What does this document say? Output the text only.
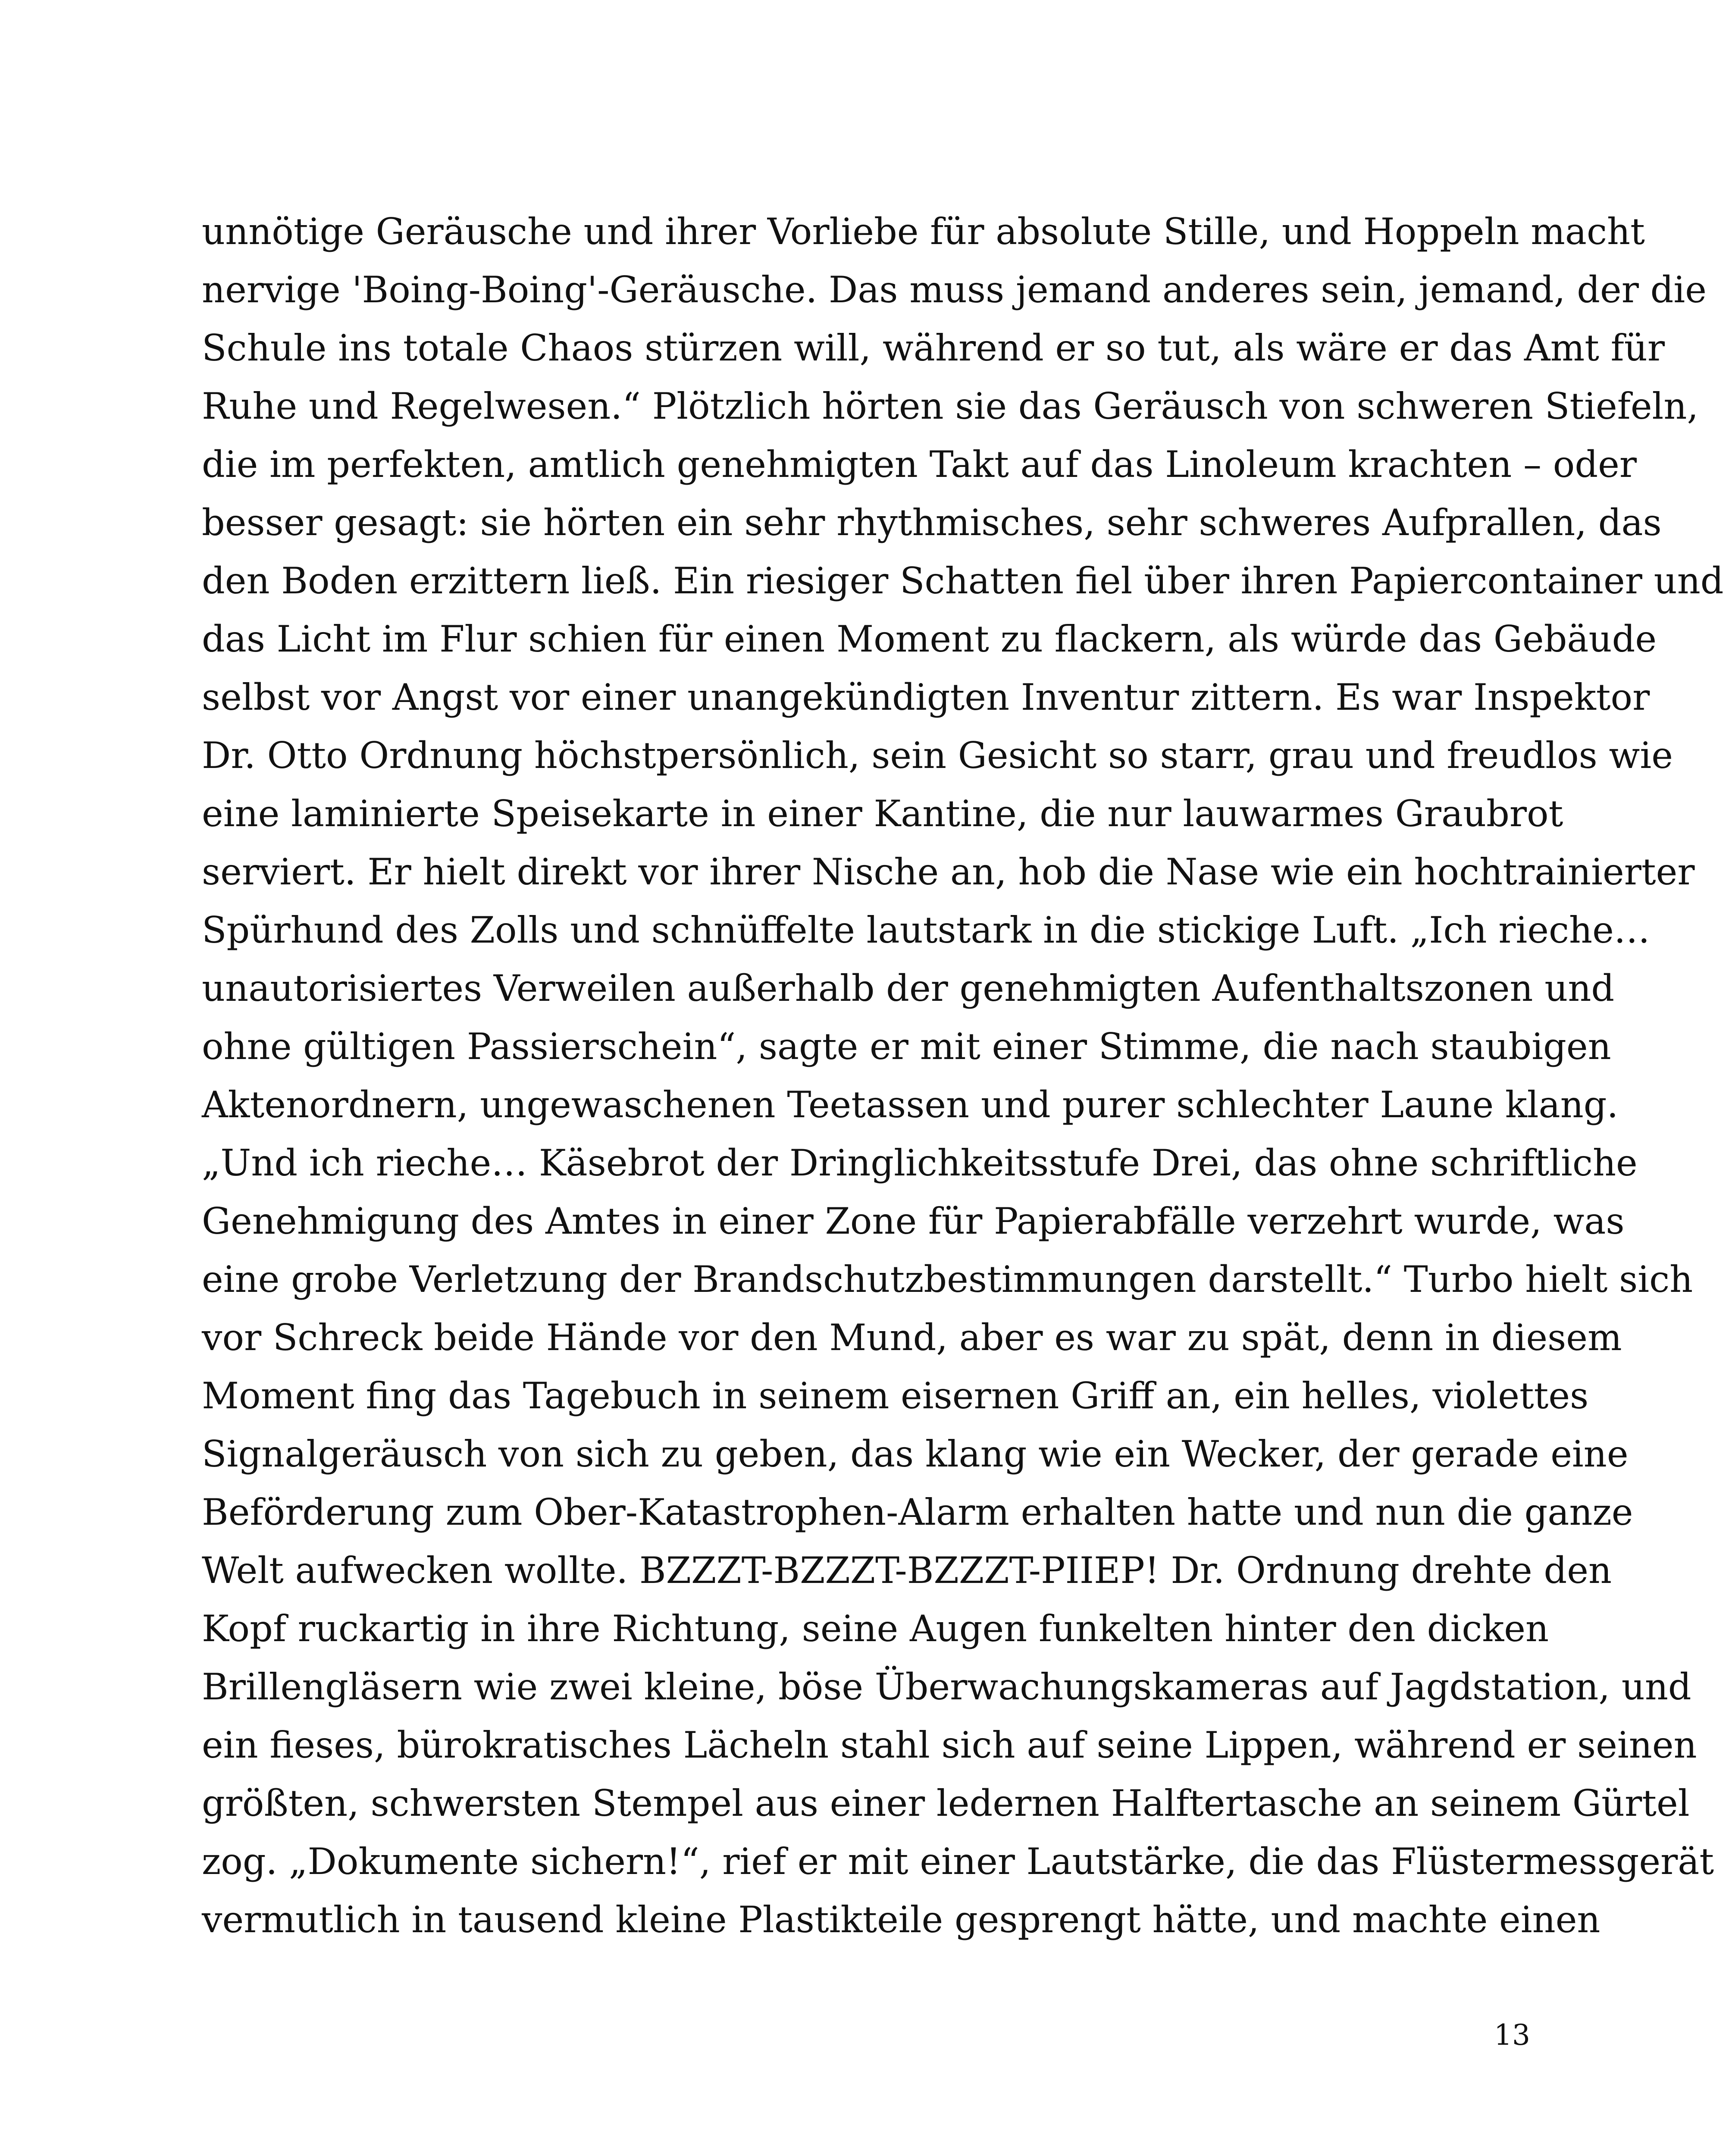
unnötige Geräusche und ihrer Vorliebe für absolute Stille, und Hoppeln macht
nervige 'Boing-Boing'-Geräusche. Das muss jemand anderes sein, jemand, der die
Schule ins totale Chaos stürzen will, während er so tut, als wäre er das Amt für
Ruhe und Regelwesen.“ Plötzlich hörten sie das Geräusch von schweren Stiefeln,
die im perfekten, amtlich genehmigten Takt auf das Linoleum krachten – oder
besser gesagt: sie hörten ein sehr rhythmisches, sehr schweres Aufprallen, das
den Boden erzittern ließ. Ein riesiger Schatten fiel über ihren Papiercontainer und
das Licht im Flur schien für einen Moment zu flackern, als würde das Gebäude
selbst vor Angst vor einer unangekündigten Inventur zittern. Es war Inspektor
Dr. Otto Ordnung höchstpersönlich, sein Gesicht so starr, grau und freudlos wie
eine laminierte Speisekarte in einer Kantine, die nur lauwarmes Graubrot
serviert. Er hielt direkt vor ihrer Nische an, hob die Nase wie ein hochtrainierter
Spürhund des Zolls und schnüffelte lautstark in die stickige Luft. „Ich rieche…
unautorisiertes Verweilen außerhalb der genehmigten Aufenthaltszonen und
ohne gültigen Passierschein“, sagte er mit einer Stimme, die nach staubigen
Aktenordnern, ungewaschenen Teetassen und purer schlechter Laune klang.
„Und ich rieche… Käsebrot der Dringlichkeitsstufe Drei, das ohne schriftliche
Genehmigung des Amtes in einer Zone für Papierabfälle verzehrt wurde, was
eine grobe Verletzung der Brandschutzbestimmungen darstellt.“ Turbo hielt sich
vor Schreck beide Hände vor den Mund, aber es war zu spät, denn in diesem
Moment fing das Tagebuch in seinem eisernen Griff an, ein helles, violettes
Signalgeräusch von sich zu geben, das klang wie ein Wecker, der gerade eine
Beförderung zum Ober-Katastrophen-Alarm erhalten hatte und nun die ganze
Welt aufwecken wollte. BZZZT-BZZZT-BZZZT-PIIEP! Dr. Ordnung drehte den
Kopf ruckartig in ihre Richtung, seine Augen funkelten hinter den dicken
Brillengläsern wie zwei kleine, böse Überwachungskameras auf Jagdstation, und
ein fieses, bürokratisches Lächeln stahl sich auf seine Lippen, während er seinen
größten, schwersten Stempel aus einer ledernen Halftertasche an seinem Gürtel
zog. „Dokumente sichern!“, rief er mit einer Lautstärke, die das Flüstermessgerät
vermutlich in tausend kleine Plastikteile gesprengt hätte, und machte einen
13
